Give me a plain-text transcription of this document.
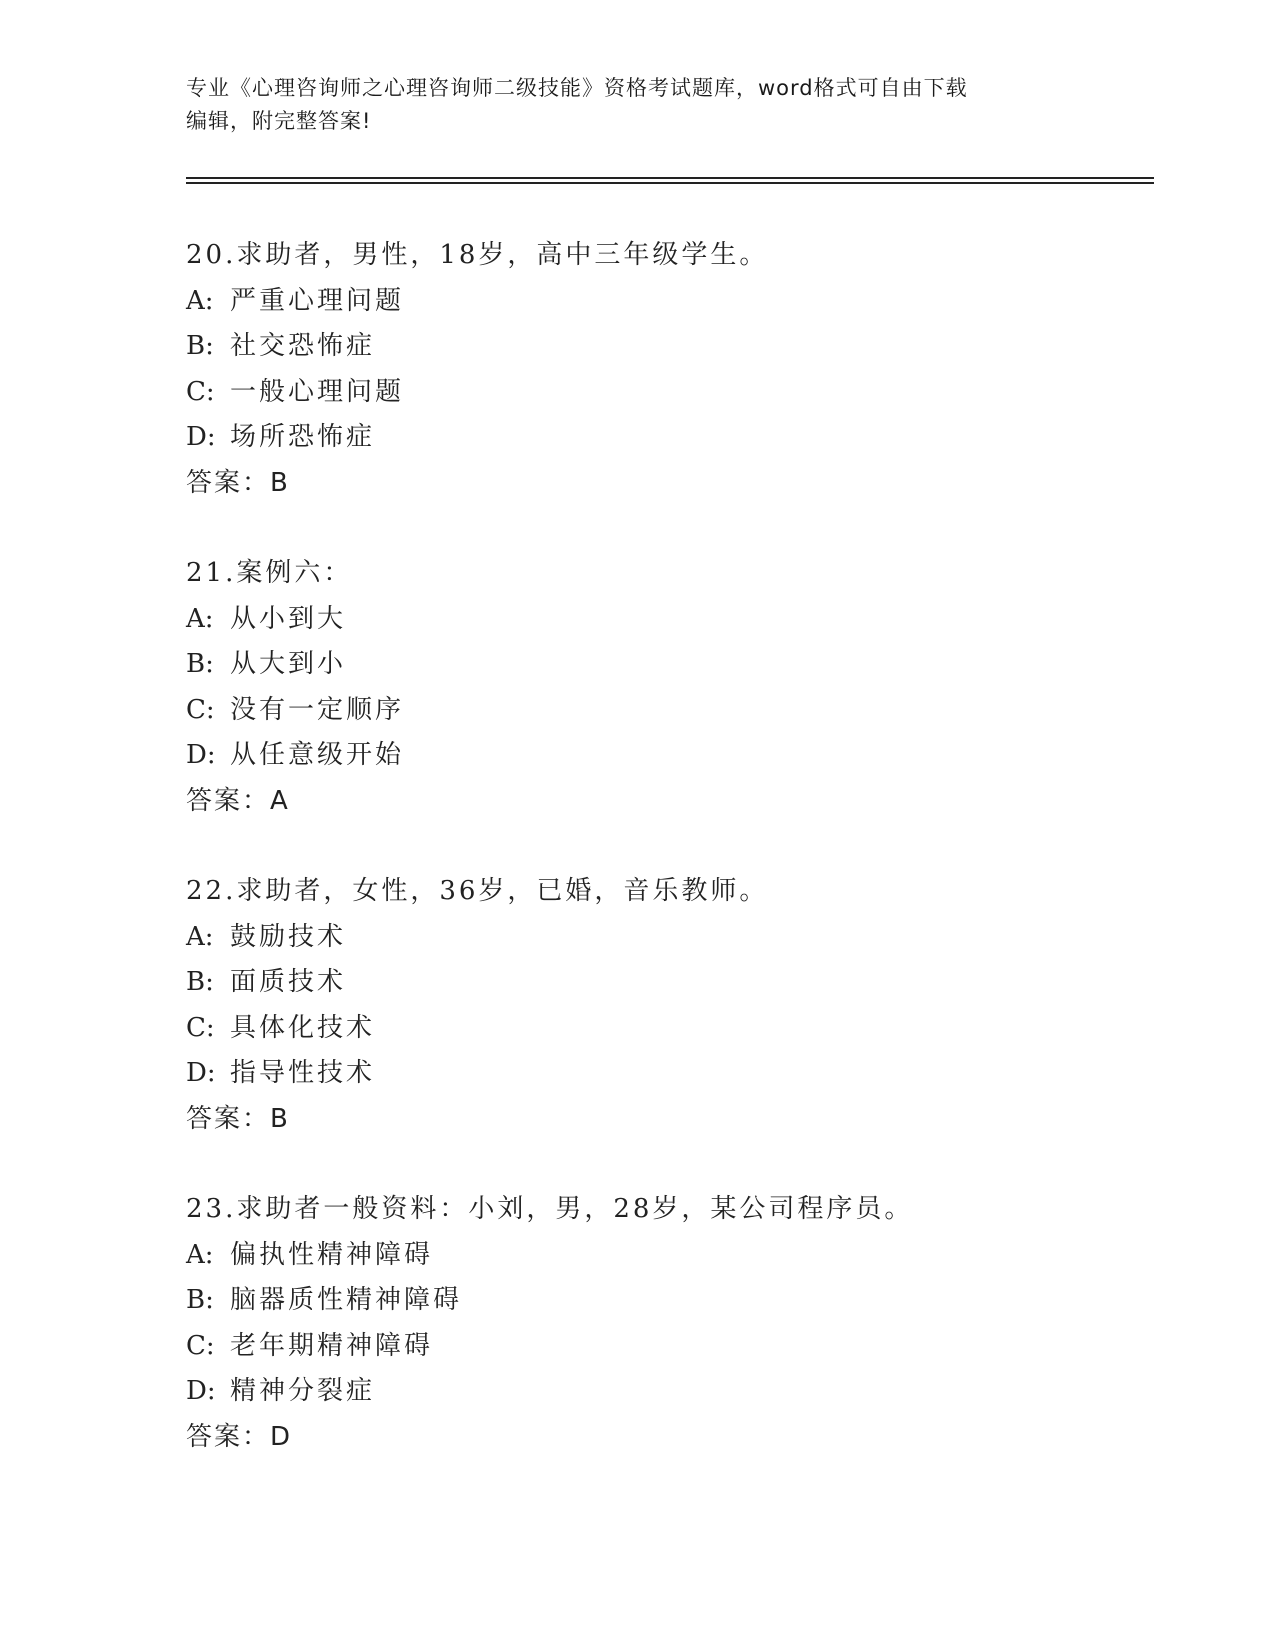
专业《心理咨询师之心理咨询师二级技能》资格考试题库，word格式可自由下载
编辑，附完整答案!
20.求助者，男性，18岁，高中三年级学生。
A: 严重心理问题
B: 社交恐怖症
C: 一般心理问题
D: 场所恐怖症
答案：B
21.案例六：
A: 从小到大
B: 从大到小
C: 没有一定顺序
D: 从任意级开始
答案：A
22.求助者，女性，36岁，已婚，音乐教师。
A: 鼓励技术
B: 面质技术
C: 具体化技术
D: 指导性技术
答案：B
23.求助者一般资料：小刘，男，28岁，某公司程序员。
A: 偏执性精神障碍
B: 脑器质性精神障碍
C: 老年期精神障碍
D: 精神分裂症
答案：D
